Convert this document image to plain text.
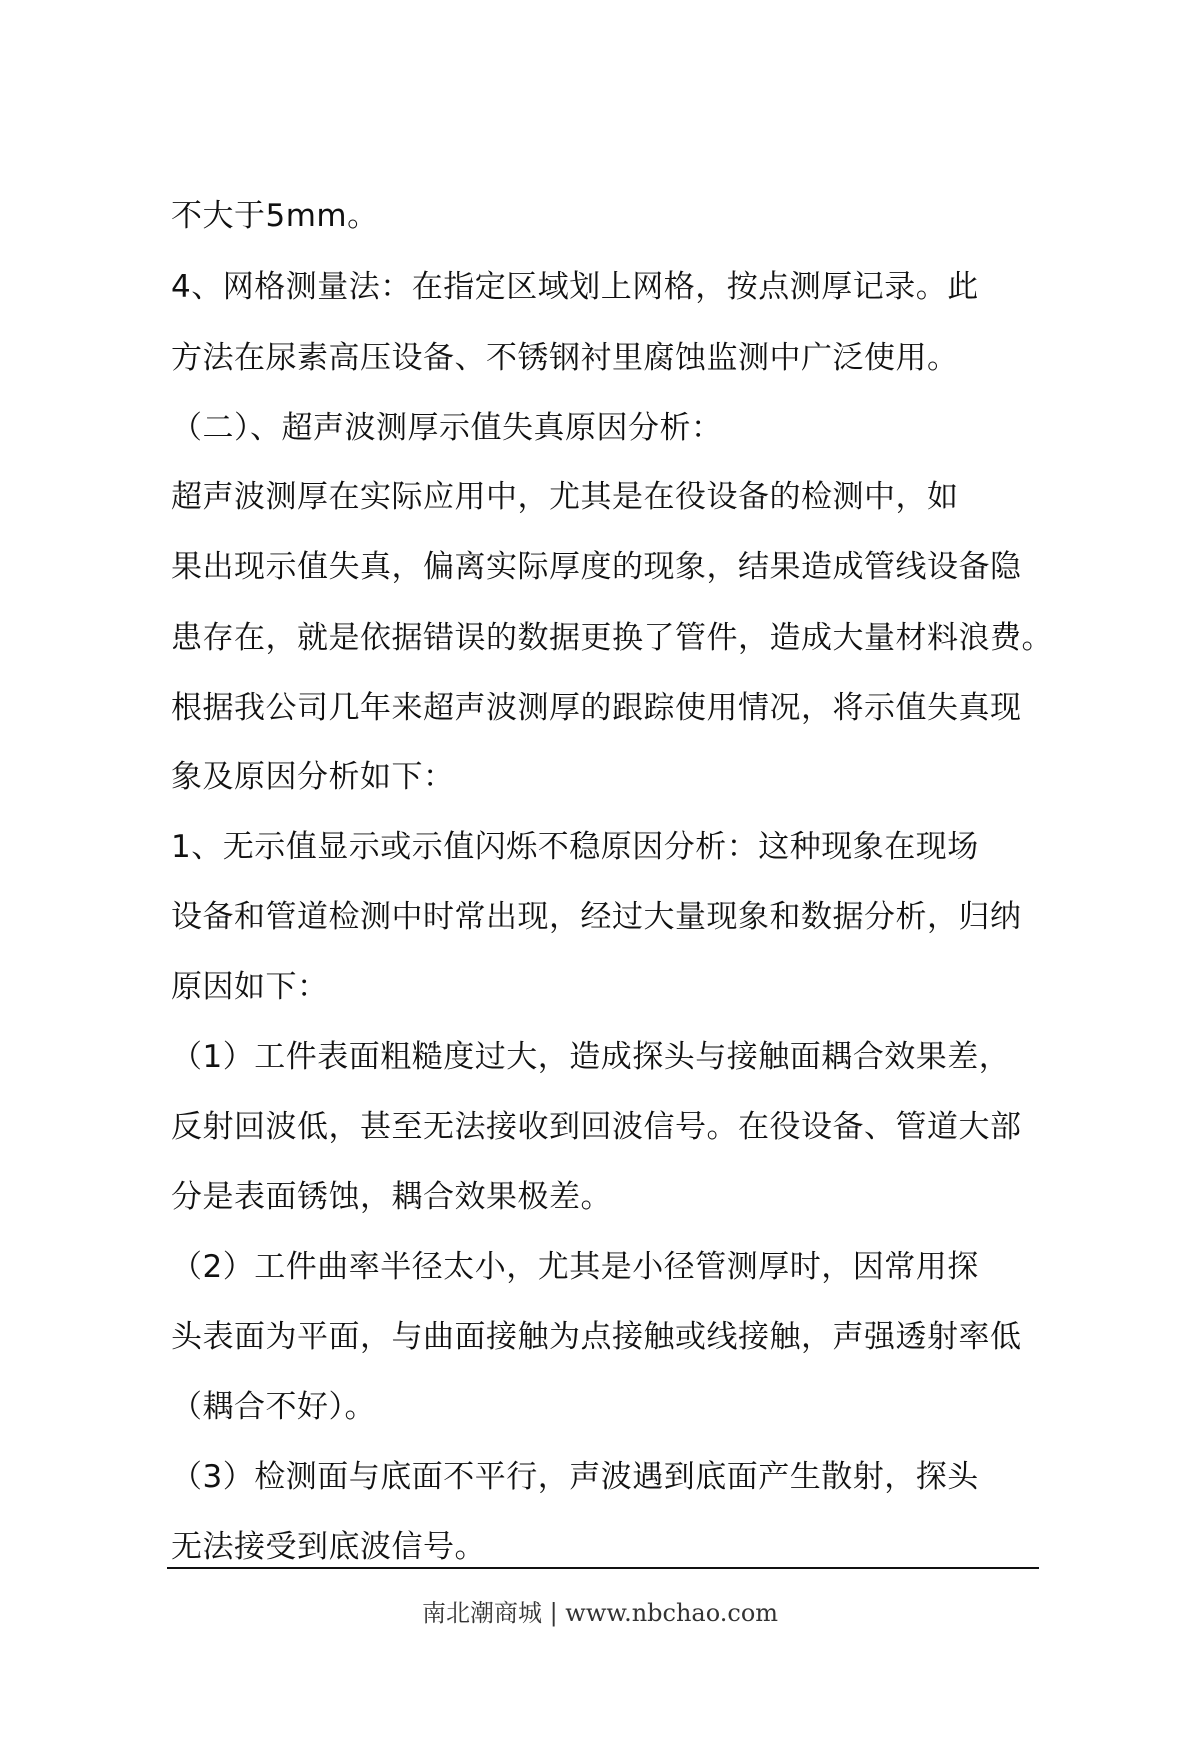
不大于5mm。
4、网格测量法：在指定区域划上网格，按点测厚记录。此
方法在尿素高压设备、不锈钢衬里腐蚀监测中广泛使用。
（二）、超声波测厚示值失真原因分析：
超声波测厚在实际应用中，尤其是在役设备的检测中，如
果出现示值失真，偏离实际厚度的现象，结果造成管线设备隐
患存在，就是依据错误的数据更换了管件，造成大量材料浪费。
根据我公司几年来超声波测厚的跟踪使用情况，将示值失真现
象及原因分析如下：
1、无示值显示或示值闪烁不稳原因分析：这种现象在现场
设备和管道检测中时常出现，经过大量现象和数据分析，归纳
原因如下：
（1）工件表面粗糙度过大，造成探头与接触面耦合效果差，
反射回波低，甚至无法接收到回波信号。在役设备、管道大部
分是表面锈蚀，耦合效果极差。
（2）工件曲率半径太小，尤其是小径管测厚时，因常用探
头表面为平面，与曲面接触为点接触或线接触，声强透射率低
（耦合不好）。
（3）检测面与底面不平行，声波遇到底面产生散射，探头
无法接受到底波信号。
南北潮商城 | www.nbchao.com
